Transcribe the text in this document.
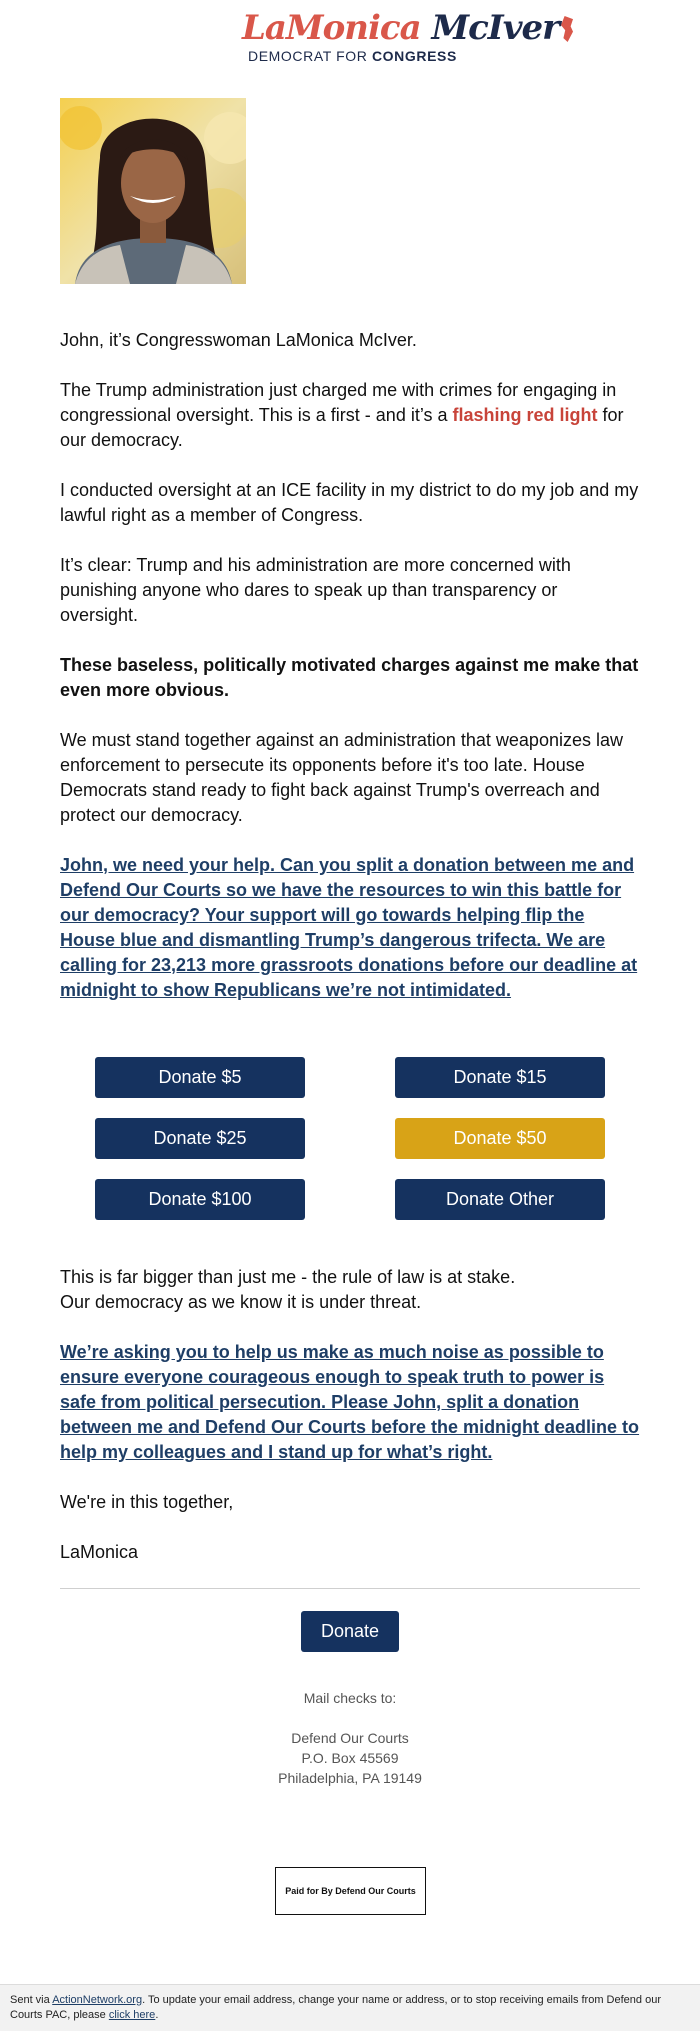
LaMonica McIver
DEMOCRAT FOR CONGRESS

John, it’s Congresswoman LaMonica McIver.

The Trump administration just charged me with crimes for engaging in congressional oversight. This is a first - and it’s a flashing red light for our democracy.

I conducted oversight at an ICE facility in my district to do my job and my lawful right as a member of Congress.

It’s clear: Trump and his administration are more concerned with punishing anyone who dares to speak up than transparency or oversight.

These baseless, politically motivated charges against me make that even more obvious.

We must stand together against an administration that weaponizes law enforcement to persecute its opponents before it's too late. House Democrats stand ready to fight back against Trump's overreach and protect our democracy.

John, we need your help. Can you split a donation between me and Defend Our Courts so we have the resources to win this battle for our democracy? Your support will go towards helping flip the House blue and dismantling Trump’s dangerous trifecta. We are calling for 23,213 more grassroots donations before our deadline at midnight to show Republicans we’re not intimidated.

Donate $5	Donate $15
Donate $25	Donate $50
Donate $100	Donate Other

This is far bigger than just me - the rule of law is at stake.
Our democracy as we know it is under threat.

We’re asking you to help us make as much noise as possible to ensure everyone courageous enough to speak truth to power is safe from political persecution. Please John, split a donation between me and Defend Our Courts before the midnight deadline to help my colleagues and I stand up for what’s right.

We're in this together,

LaMonica

Donate
Mail checks to:
Defend Our Courts
P.O. Box 45569
Philadelphia, PA 19149
Paid for By Defend Our Courts
Sent via ActionNetwork.org. To update your email address, change your name or address, or to stop receiving emails from Defend our Courts PAC, please click here.
